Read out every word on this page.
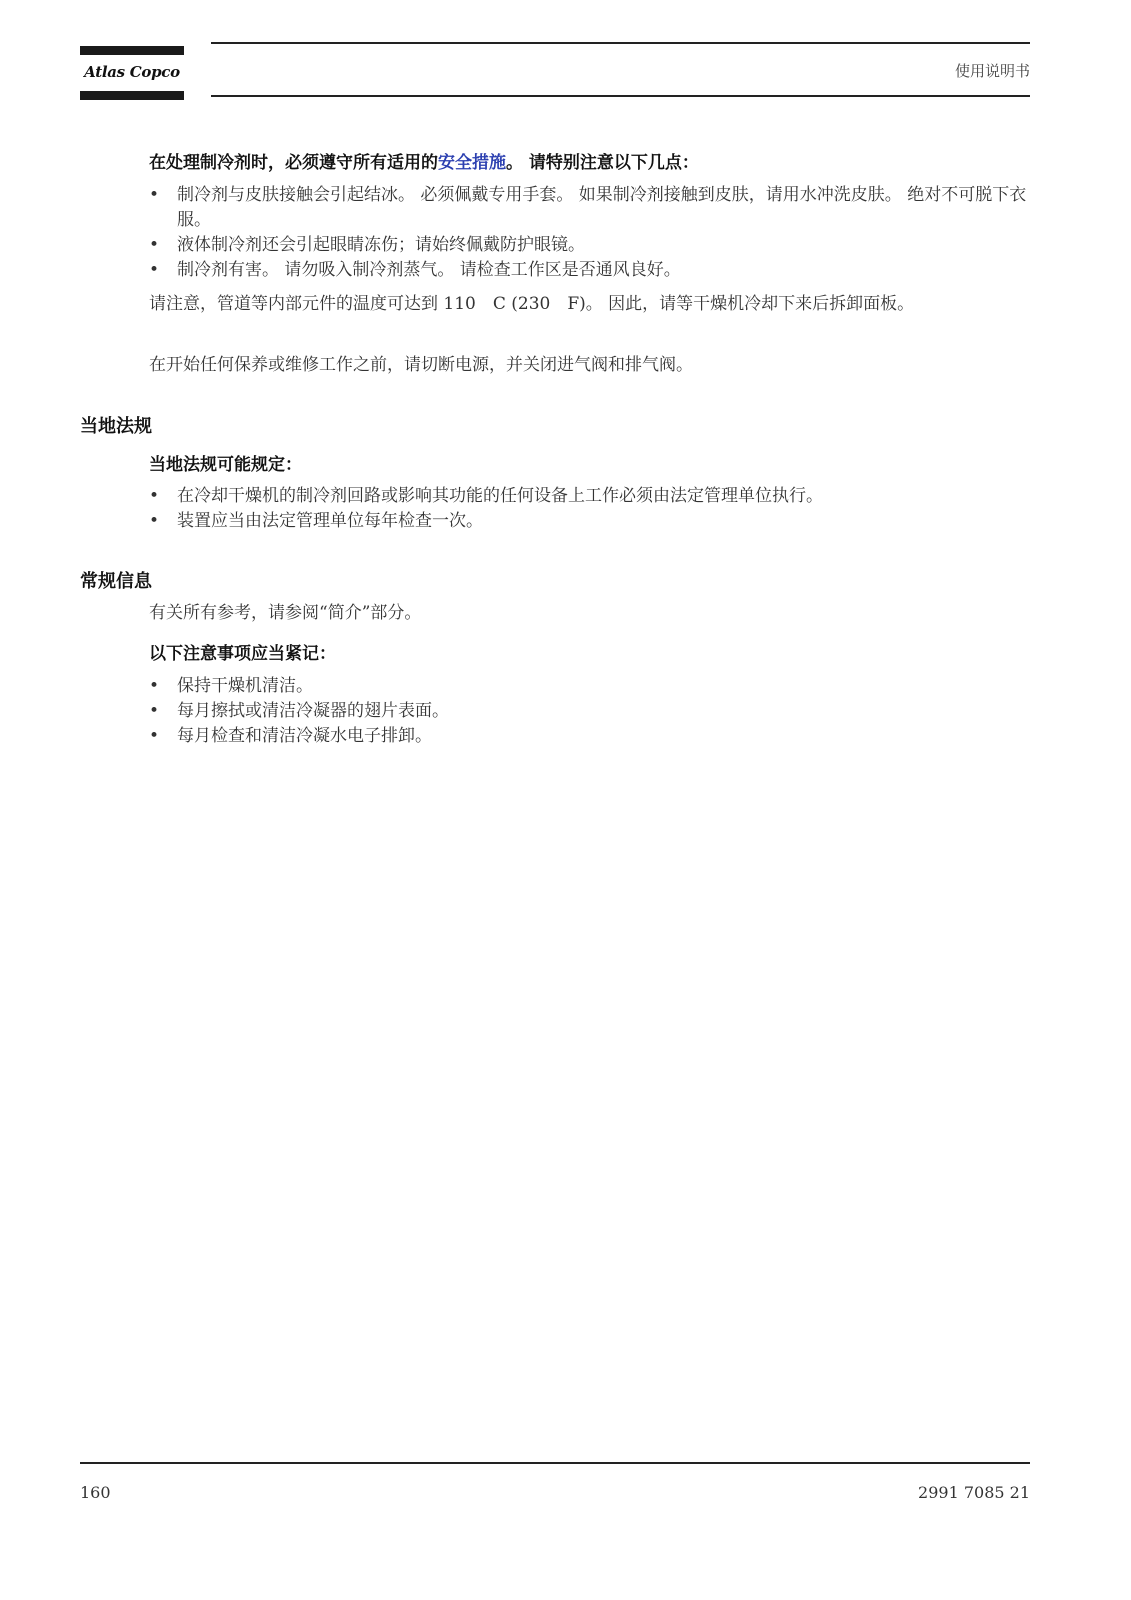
Atlas Copco	使用说明书
在处理制冷剂时，必须遵守所有适用的安全措施。 请特别注意以下几点：
• 制冷剂与皮肤接触会引起结冰。 必须佩戴专用手套。 如果制冷剂接触到皮肤，请用水冲洗皮肤。 绝对不可脱下衣服。
• 液体制冷剂还会引起眼睛冻伤；请始终佩戴防护眼镜。
• 制冷剂有害。 请勿吸入制冷剂蒸气。 请检查工作区是否通风良好。
请注意，管道等内部元件的温度可达到 110　C (230　F)。 因此，请等干燥机冷却下来后拆卸面板。
在开始任何保养或维修工作之前，请切断电源，并关闭进气阀和排气阀。
当地法规
当地法规可能规定：
• 在冷却干燥机的制冷剂回路或影响其功能的任何设备上工作必须由法定管理单位执行。
• 装置应当由法定管理单位每年检查一次。
常规信息
有关所有参考，请参阅“简介”部分。
以下注意事项应当紧记：
• 保持干燥机清洁。
• 每月擦拭或清洁冷凝器的翅片表面。
• 每月检查和清洁冷凝水电子排卸。
160	2991 7085 21
